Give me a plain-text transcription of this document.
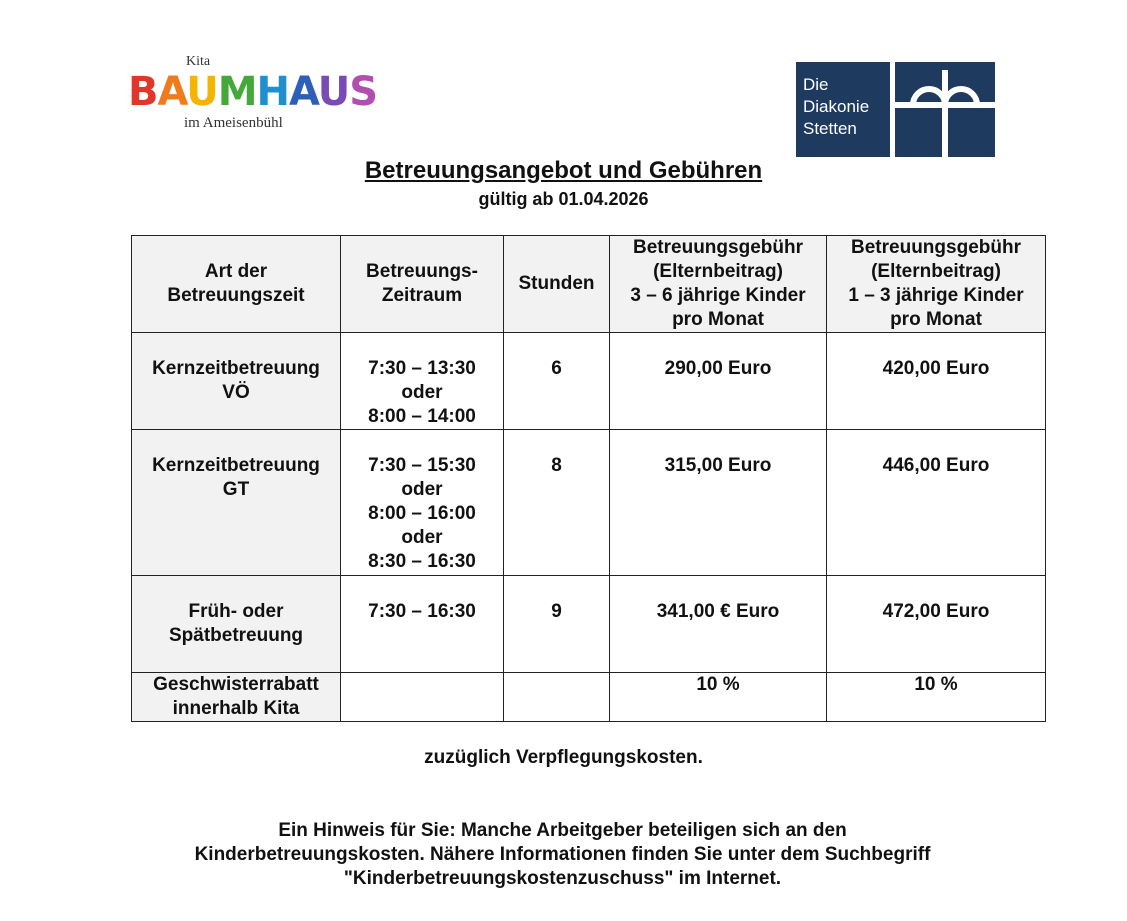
Kita
BAUMHAUS
im Ameisenbühl
Die
Diakonie
Stetten
Betreuungsangebot und Gebühren
gültig ab 01.04.2026
Art der
Betreuungszeit	Betreuungs-
Zeitraum	Stunden	Betreuungsgebühr
(Elternbeitrag)
3 – 6 jährige Kinder
pro Monat	Betreuungsgebühr
(Elternbeitrag)
1 – 3 jährige Kinder
pro Monat

Kernzeitbetreuung
VÖ	7:30 – 13:30
oder
8:00 – 14:00	6	290,00 Euro	420,00 Euro

Kernzeitbetreuung
GT	7:30 – 15:30
oder
8:00 – 16:00
oder
8:30 – 16:30	8	315,00 Euro	446,00 Euro

Früh- oder
Spätbetreuung	7:30 – 16:30	9	341,00 € Euro	472,00 Euro

Geschwisterrabatt
innerhalb Kita			10 %	10 %
zuzüglich Verpflegungskosten.
Ein Hinweis für Sie: Manche Arbeitgeber beteiligen sich an den
Kinderbetreuungskosten. Nähere Informationen finden Sie unter dem Suchbegriff
"Kinderbetreuungskostenzuschuss" im Internet.
